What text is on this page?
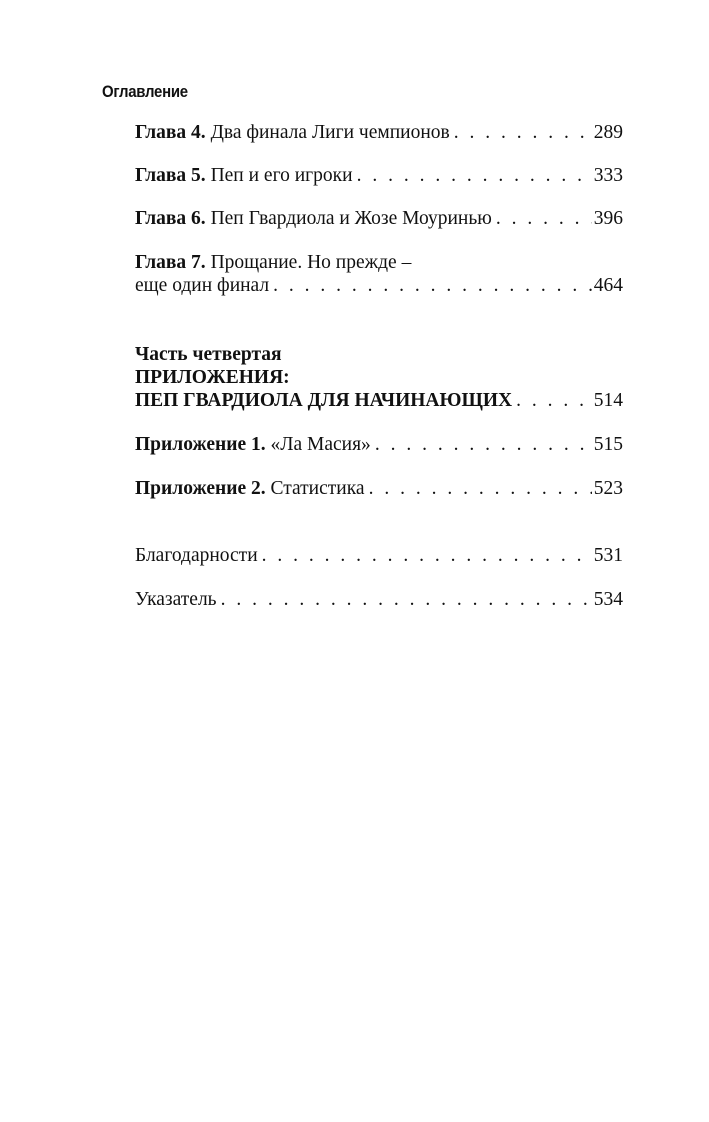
Оглавление
Глава 4. Два финала Лиги чемпионов . . .	289
Глава 5. Пеп и его игроки . . .	333
Глава 6. Пеп Гвардиола и Жозе Моуринью . . .	396
Глава 7. Прощание. Но прежде –
еще один финал . . .	464
Часть четвертая
ПРИЛОЖЕНИЯ:
ПЕП ГВАРДИОЛА ДЛЯ НАЧИНАЮЩИХ . . .	514
Приложение 1. «Ла Масия» . . .	515
Приложение 2. Статистика . . .	523
Благодарности . . .	531
Указатель . . .	534
